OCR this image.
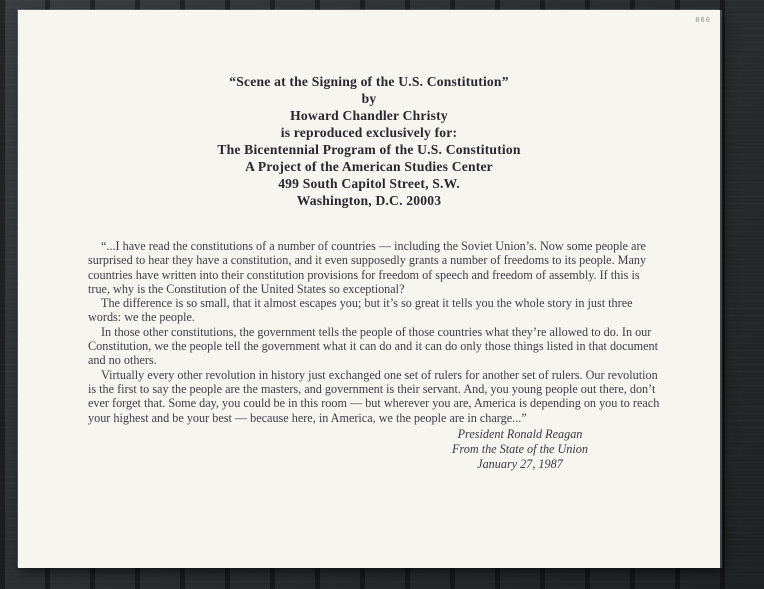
060
“Scene at the Signing of the U.S. Constitution”
by
Howard Chandler Christy
is reproduced exclusively for:
The Bicentennial Program of the U.S. Constitution
A Project of the American Studies Center
499 South Capitol Street, S.W.
Washington, D.C. 20003

“...I have read the constitutions of a number of countries — including the Soviet Union’s. Now some people are surprised to hear they have a constitution, and it even supposedly grants a number of freedoms to its people. Many countries have written into their constitution provisions for freedom of speech and freedom of assembly. If this is true, why is the Constitution of the United States so exceptional?

The difference is so small, that it almost escapes you; but it’s so great it tells you the whole story in just three words: we the people.

In those other constitutions, the government tells the people of those countries what they’re allowed to do. In our Constitution, we the people tell the government what it can do and it can do only those things listed in that document and no others.

Virtually every other revolution in history just exchanged one set of rulers for another set of rulers. Our revolution is the first to say the people are the masters, and government is their servant. And, you young people out there, don’t ever forget that. Some day, you could be in this room — but wherever you are, America is depending on you to reach your highest and be your best — because here, in America, we the people are in charge...”

President Ronald Reagan
From the State of the Union
January 27, 1987
